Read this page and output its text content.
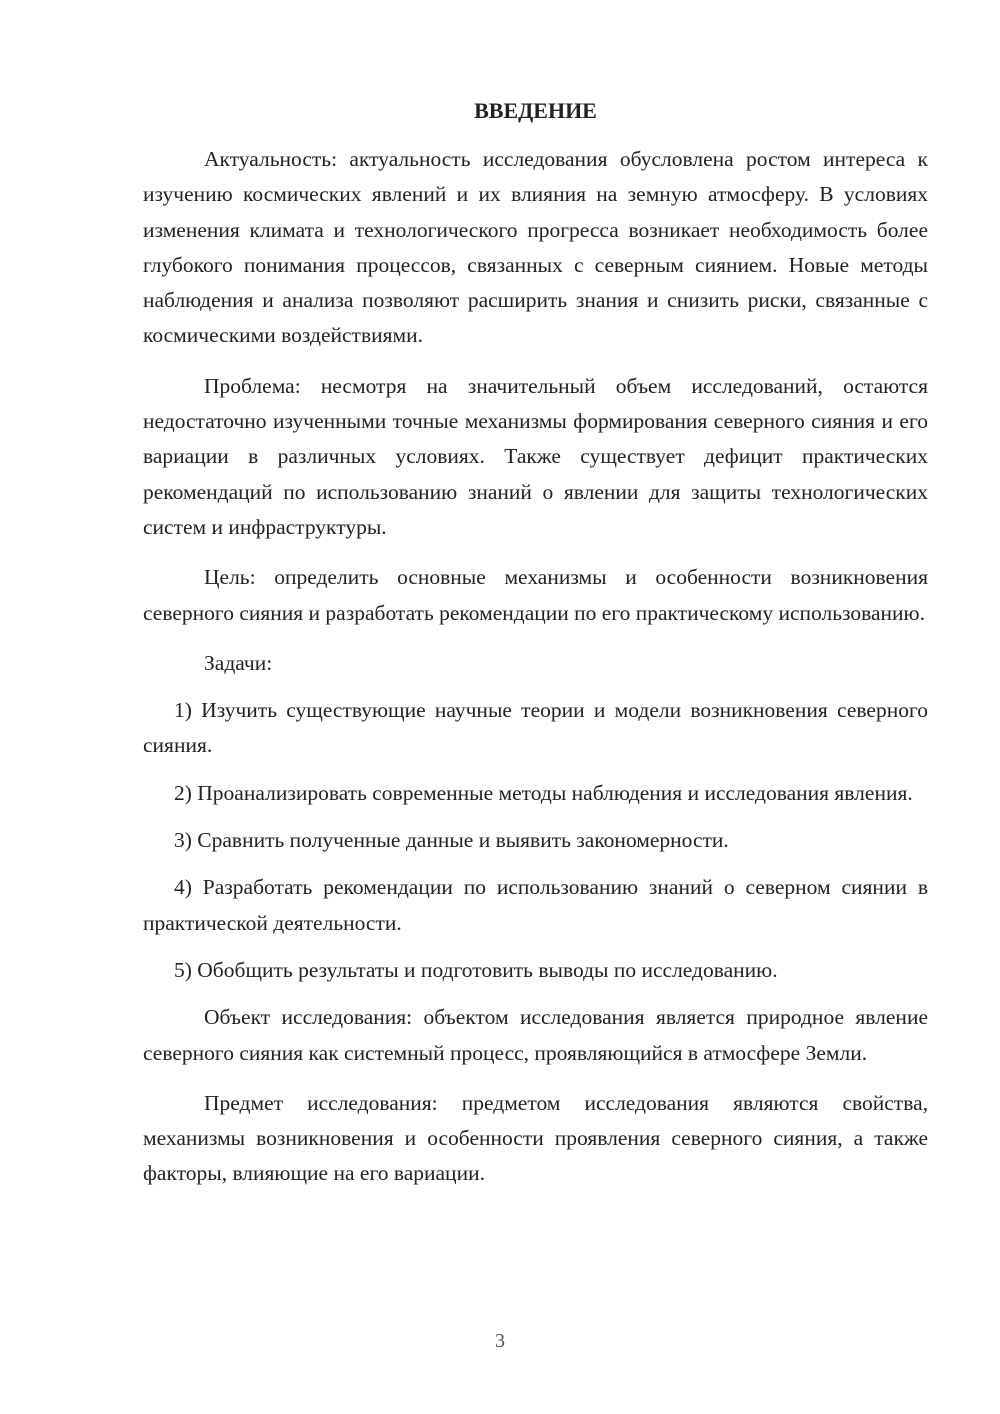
ВВЕДЕНИЕ

Актуальность: актуальность исследования обусловлена ростом интереса к изучению космических явлений и их влияния на земную атмосферу. В условиях изменения климата и технологического прогресса возникает необходимость более глубокого понимания процессов, связанных с северным сиянием. Новые методы наблюдения и анализа позволяют расширить знания и снизить риски, связанные с космическими воздействиями.

Проблема: несмотря на значительный объем исследований, остаются недостаточно изученными точные механизмы формирования северного сияния и его вариации в различных условиях. Также существует дефицит практических рекомендаций по использованию знаний о явлении для защиты технологических систем и инфраструктуры.

Цель: определить основные механизмы и особенности возникновения северного сияния и разработать рекомендации по его практическому использованию.

Задачи:

1) Изучить существующие научные теории и модели возникновения северного сияния.

2) Проанализировать современные методы наблюдения и исследования явления.

3) Сравнить полученные данные и выявить закономерности.

4) Разработать рекомендации по использованию знаний о северном сиянии в практической деятельности.

5) Обобщить результаты и подготовить выводы по исследованию.

Объект исследования: объектом исследования является природное явление северного сияния как системный процесс, проявляющийся в атмосфере Земли.

Предмет исследования: предметом исследования являются свойства, механизмы возникновения и особенности проявления северного сияния, а также факторы, влияющие на его вариации.

3
